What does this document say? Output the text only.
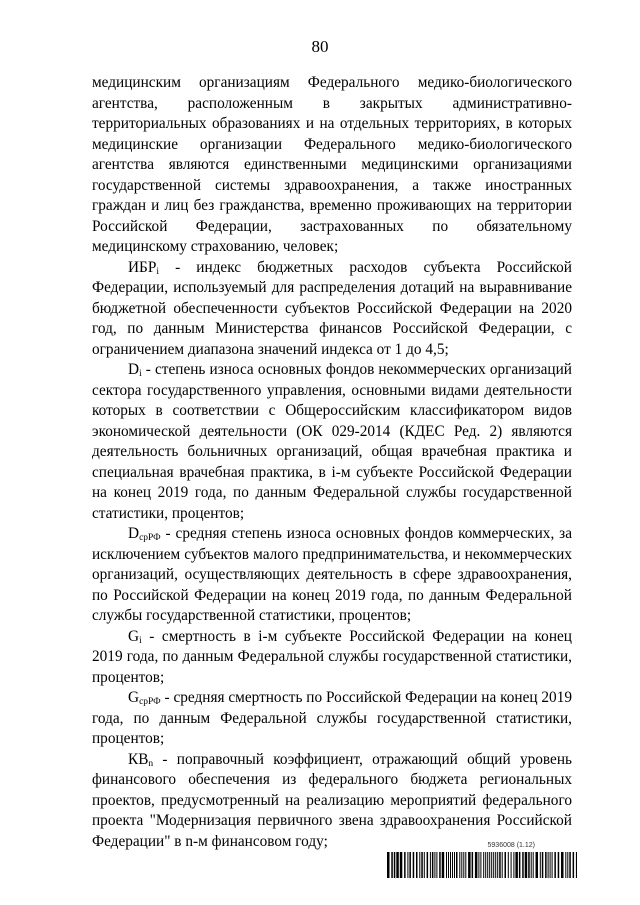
80

медицинским организациям Федерального медико-биологического агентства, расположенным в закрытых административно-территориальных образованиях и на отдельных территориях, в которых медицинские организации Федерального медико-биологического агентства являются единственными медицинскими организациями государственной системы здравоохранения, а также иностранных граждан и лиц без гражданства, временно проживающих на территории Российской Федерации, застрахованных по обязательному медицинскому страхованию, человек;

$ИБР_i$ - индекс бюджетных расходов субъекта Российской Федерации, используемый для распределения дотаций на выравнивание бюджетной обеспеченности субъектов Российской Федерации на 2020 год, по данным Министерства финансов Российской Федерации, с ограничением диапазона значений индекса от 1 до 4,5;

$D_i$ - степень износа основных фондов некоммерческих организаций сектора государственного управления, основными видами деятельности которых в соответствии с Общероссийским классификатором видов экономической деятельности (ОК 029-2014 (КДЕС Ред. 2) являются деятельность больничных организаций, общая врачебная практика и специальная врачебная практика, в i-м субъекте Российской Федерации на конец 2019 года, по данным Федеральной службы государственной статистики, процентов;

$D_{срРФ}$ - средняя степень износа основных фондов коммерческих, за исключением субъектов малого предпринимательства, и некоммерческих организаций, осуществляющих деятельность в сфере здравоохранения, по Российской Федерации на конец 2019 года, по данным Федеральной службы государственной статистики, процентов;

$G_i$ - смертность в i-м субъекте Российской Федерации на конец 2019 года, по данным Федеральной службы государственной статистики, процентов;

$G_{срРФ}$ - средняя смертность по Российской Федерации на конец 2019 года, по данным Федеральной службы государственной статистики, процентов;

$КВ_n$ - поправочный коэффициент, отражающий общий уровень финансового обеспечения из федерального бюджета региональных проектов, предусмотренный на реализацию мероприятий федерального проекта "Модернизация первичного звена здравоохранения Российской Федерации" в n-м финансовом году;	5936008 (1.12)
